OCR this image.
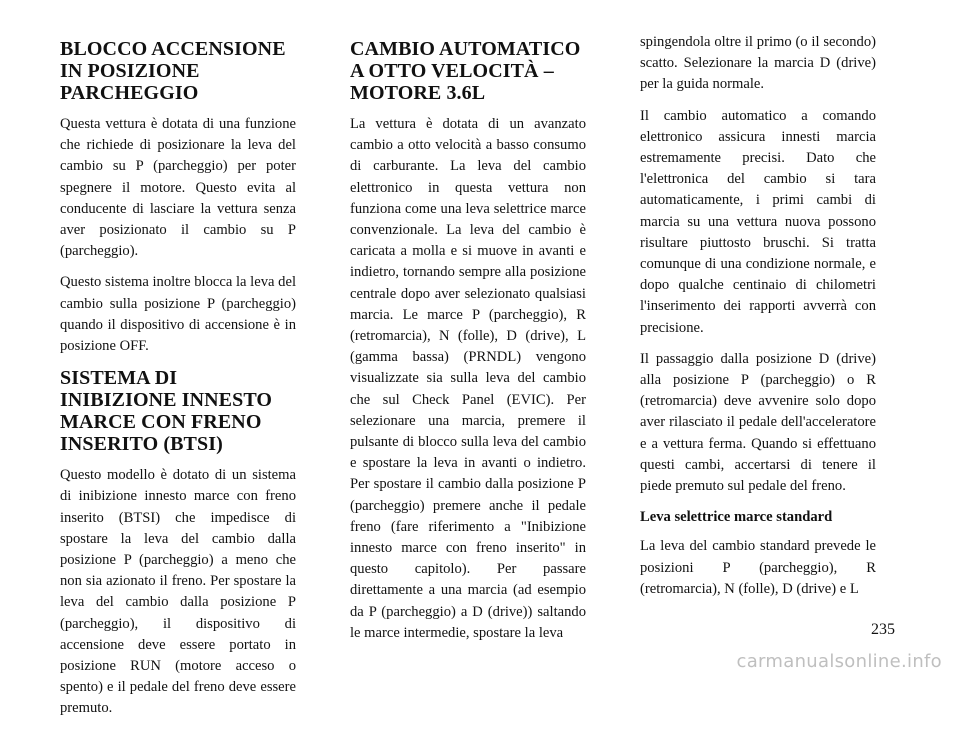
BLOCCO ACCENSIONE IN POSIZIONE PARCHEGGIO

Questa vettura è dotata di una funzione che richiede di posizionare la leva del cambio su P (parcheggio) per poter spegnere il motore. Questo evita al conducente di lasciare la vettura senza aver posizionato il cambio su P (parcheggio).

Questo sistema inoltre blocca la leva del cambio sulla posizione P (parcheggio) quando il dispositivo di accensione è in posizione OFF.

SISTEMA DI INIBIZIONE INNESTO MARCE CON FRENO INSERITO (BTSI)

Questo modello è dotato di un sistema di inibizione innesto marce con freno inserito (BTSI) che impedisce di spostare la leva del cambio dalla posizione P (parcheggio) a meno che non sia azionato il freno. Per spostare la leva del cambio dalla posizione P (parcheggio), il dispositivo di accensione deve essere portato in posizione RUN (motore acceso o spento) e il pedale del freno deve essere premuto.

CAMBIO AUTOMATICO A OTTO VELOCITÀ – MOTORE 3.6L

La vettura è dotata di un avanzato cambio a otto velocità a basso consumo di carburante. La leva del cambio elettronico in questa vettura non funziona come una leva selettrice marce convenzionale. La leva del cambio è caricata a molla e si muove in avanti e indietro, tornando sempre alla posizione centrale dopo aver selezionato qualsiasi marcia. Le marce P (parcheggio), R (retromarcia), N (folle), D (drive), L (gamma bassa) (PRNDL) vengono visualizzate sia sulla leva del cambio che sul Check Panel (EVIC). Per selezionare una marcia, premere il pulsante di blocco sulla leva del cambio e spostare la leva in avanti o indietro. Per spostare il cambio dalla posizione P (parcheggio) premere anche il pedale freno (fare riferimento a "Inibizione innesto marce con freno inserito" in questo capitolo). Per passare direttamente a una marcia (ad esempio da P (parcheggio) a D (drive)) saltando le marce intermedie, spostare la leva

spingendola oltre il primo (o il secondo) scatto. Selezionare la marcia D (drive) per la guida normale.

Il cambio automatico a comando elettronico assicura innesti marcia estremamente precisi. Dato che l'elettronica del cambio si tara automaticamente, i primi cambi di marcia su una vettura nuova possono risultare piuttosto bruschi. Si tratta comunque di una condizione normale, e dopo qualche centinaio di chilometri l'inserimento dei rapporti avverrà con precisione.

Il passaggio dalla posizione D (drive) alla posizione P (parcheggio) o R (retromarcia) deve avvenire solo dopo aver rilasciato il pedale dell'acceleratore e a vettura ferma. Quando si effettuano questi cambi, accertarsi di tenere il piede premuto sul pedale del freno.

Leva selettrice marce standard

La leva del cambio standard prevede le posizioni P (parcheggio), R (retromarcia), N (folle), D (drive) e L

235
carmanualsonline.info
